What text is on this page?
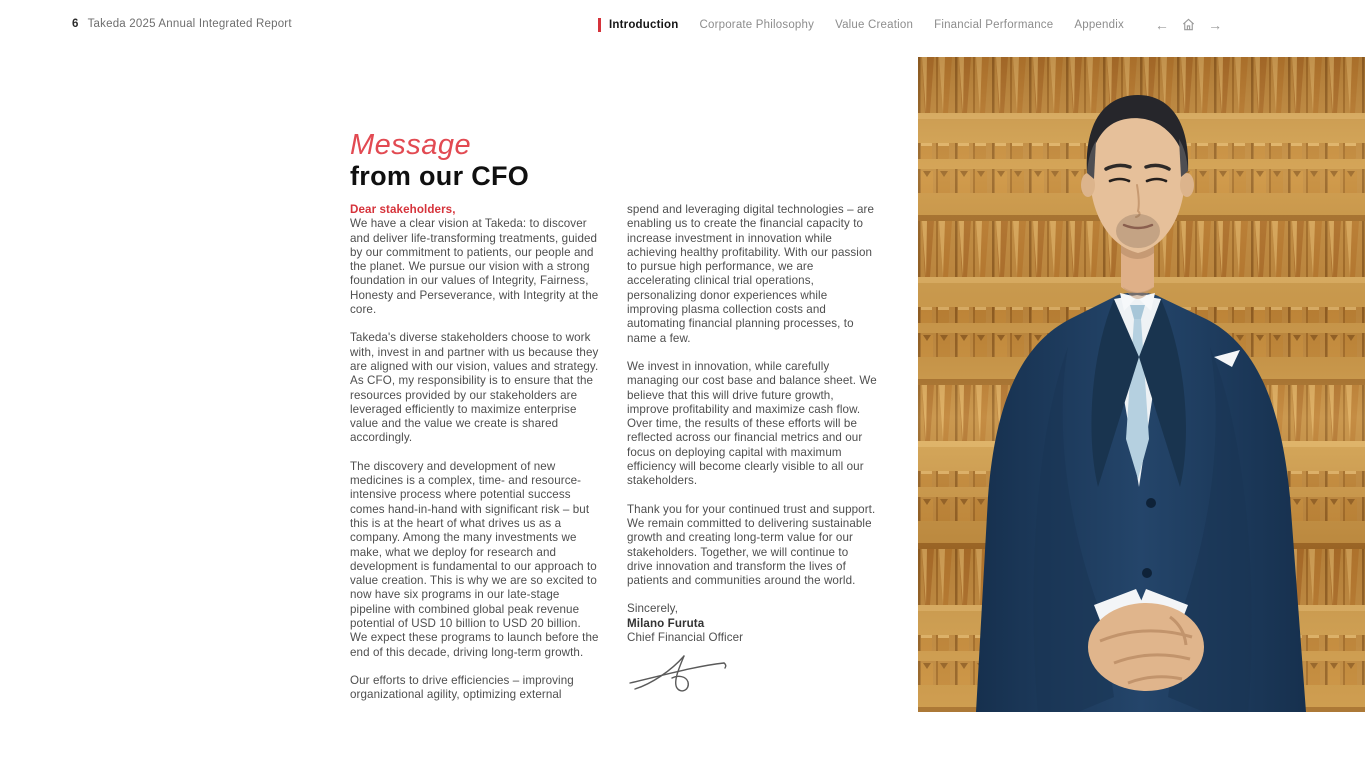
6 Takeda 2025 Annual Integrated Report	Introduction Corporate Philosophy Value Creation Financial Performance Appendix ←	→
Message
from our CFO

Dear stakeholders,

We have a clear vision at Takeda: to discover and deliver life-transforming treatments, guided by our commitment to patients, our people and the planet. We pursue our vision with a strong foundation in our values of Integrity, Fairness, Honesty and Perseverance, with Integrity at the core.

Takeda's diverse stakeholders choose to work with, invest in and partner with us because they are aligned with our vision, values and strategy. As CFO, my responsibility is to ensure that the resources provided by our stakeholders are leveraged efficiently to maximize enterprise value and the value we create is shared accordingly.

The discovery and development of new medicines is a complex, time- and resource-intensive process where potential success comes hand-in-hand with significant risk – but this is at the heart of what drives us as a company. Among the many investments we make, what we deploy for research and development is fundamental to our approach to value creation. This is why we are so excited to now have six programs in our late-stage pipeline with combined global peak revenue potential of USD 10 billion to USD 20 billion. We expect these programs to launch before the end of this decade, driving long-term growth.

Our efforts to drive efficiencies – improving organizational agility, optimizing external

spend and leveraging digital technologies – are enabling us to create the financial capacity to increase investment in innovation while achieving healthy profitability. With our passion to pursue high performance, we are accelerating clinical trial operations, personalizing donor experiences while improving plasma collection costs and automating financial planning processes, to name a few.

We invest in innovation, while carefully managing our cost base and balance sheet. We believe that this will drive future growth, improve profitability and maximize cash flow. Over time, the results of these efforts will be reflected across our financial metrics and our focus on deploying capital with maximum efficiency will become clearly visible to all our stakeholders.

Thank you for your continued trust and support. We remain committed to delivering sustainable growth and creating long-term value for our stakeholders. Together, we will continue to drive innovation and transform the lives of patients and communities around the world.

Sincerely,
Milano Furuta
Chief Financial Officer
